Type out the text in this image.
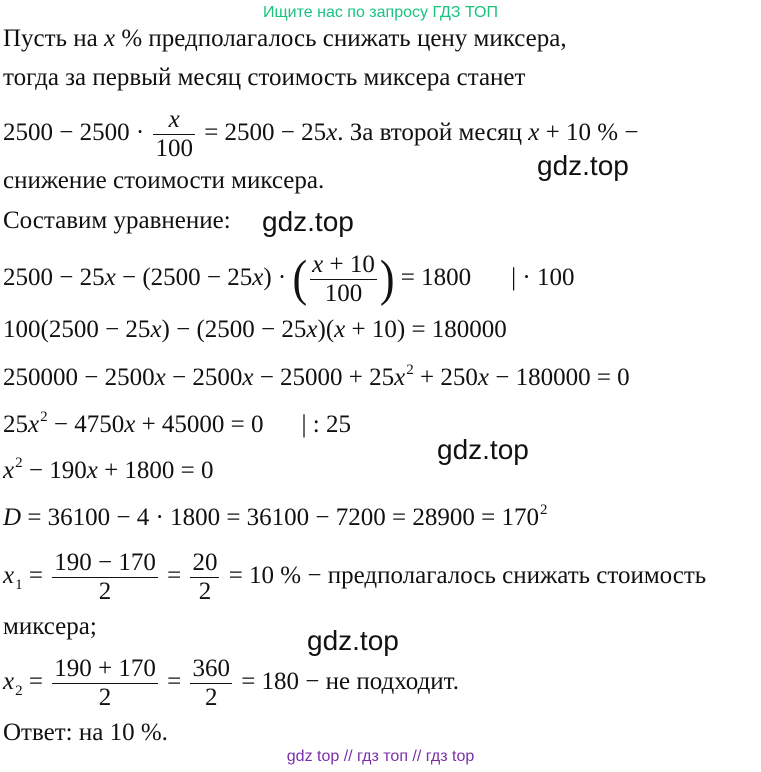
Ищите нас по запросу ГДЗ ТОП
Пусть на x % предполагалось снижать цену миксера,
тогда за первый месяц стоимость миксера станет
$2500 - 2500 \cdot \frac{x}{100} = 2500 - 25x$. За второй месяц x + 10 % −
снижение стоимости миксера.
Составим уравнение:
2500 − 25x − (2500 − 25x) · ( $\frac{x + 10}{100}$ ) = 1800 | · 100
100(2500 − 25x) − (2500 − 25x)(x + 10) = 180000
$250000 - 2500x - 2500x - 25000 + 25x^2 + 250x - 180000 = 0$
$25x^2 - 4750x + 45000 = 0$ | : 25
$x^2 - 190x + 1800 = 0$
$D = 36100 - 4 \cdot 1800 = 36100 - 7200 = 28900 = 170^2$
$x_1 = \frac{190 - 170}{2} = \frac{20}{2} = 10$ % − предполагалось снижать стоимость
миксера;
$x_2 = \frac{190 + 170}{2} = \frac{360}{2} = 180$ − не подходит.
Ответ: на 10 %.
gdz.top
gdz.top
gdz.top
gdz.top
gdz top // гдз топ // гдз top
